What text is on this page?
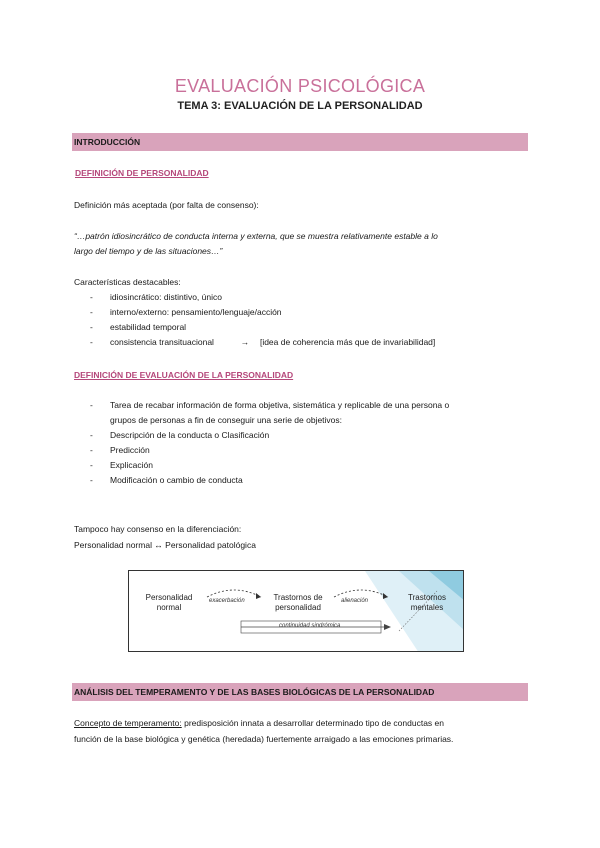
EVALUACIÓN PSICOLÓGICA
TEMA 3: EVALUACIÓN DE LA PERSONALIDAD
INTRODUCCIÓN
DEFINICIÓN DE PERSONALIDAD
Definición más aceptada (por falta de consenso):
“…patrón idiosincrático de conducta interna y externa, que se muestra relativamente estable a lo
largo del tiempo y de las situaciones…”
Características destacables:
- idiosincrático: distintivo, único
- interno/externo: pensamiento/lenguaje/acción
- estabilidad temporal
- consistencia transituacional	→ [idea de coherencia más que de invariabilidad]
DEFINICIÓN DE EVALUACIÓN DE LA PERSONALIDAD
- Tarea de recabar información de forma objetiva, sistemática y replicable de una persona o
grupos de personas a fin de conseguir una serie de objetivos:
- Descripción de la conducta o Clasificación
- Predicción
- Explicación
- Modificación o cambio de conducta
Tampoco hay consenso en la diferenciación:
Personalidad normal ↔ Personalidad patológica
Personalidad
normal
exacerbación	Trastornos de
personalidad
alienación	Trastornos
mentales
continuidad sindrómica
ANÁLISIS DEL TEMPERAMENTO Y DE LAS BASES BIOLÓGICAS DE LA PERSONALIDAD
Concepto de temperamento: predisposición innata a desarrollar determinado tipo de conductas en
función de la base biológica y genética (heredada) fuertemente arraigado a las emociones primarias.
